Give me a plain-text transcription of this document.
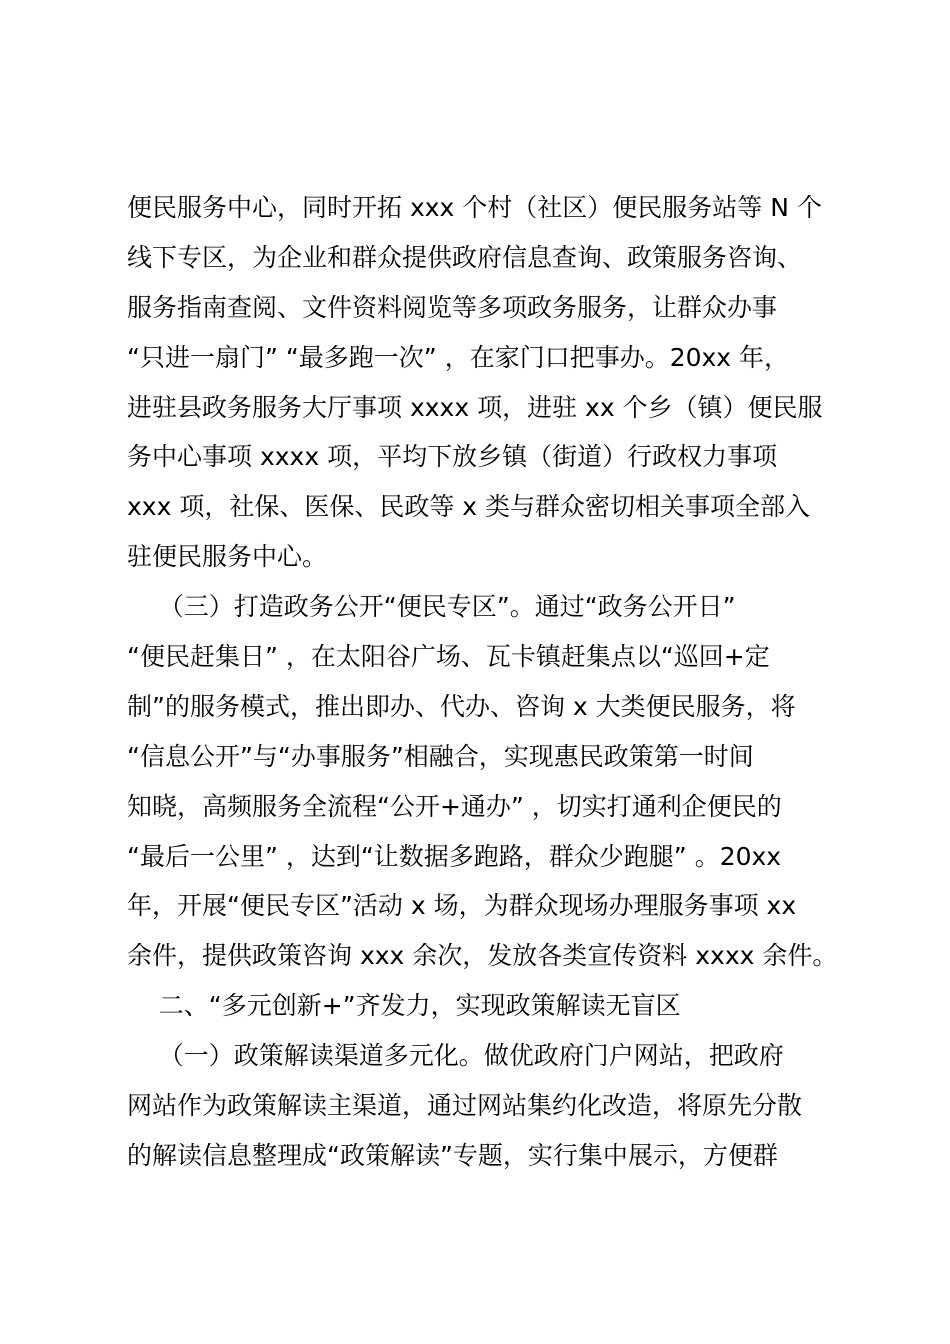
便民服务中心，同时开拓 xxx 个村（社区）便民服务站等 N 个
线下专区，为企业和群众提供政府信息查询、政策服务咨询、
服务指南查阅、文件资料阅览等多项政务服务，让群众办事
“只进一扇门” “最多跑一次” ，在家门口把事办。20xx 年，
进驻县政务服务大厅事项 xxxx 项，进驻 xx 个乡（镇）便民服
务中心事项 xxxx 项，平均下放乡镇（街道）行政权力事项
xxx 项，社保、医保、民政等 x 类与群众密切相关事项全部入
驻便民服务中心。
（三）打造政务公开“便民专区”。通过“政务公开日”
“便民赶集日” ，在太阳谷广场、瓦卡镇赶集点以“巡回+定
制”的服务模式，推出即办、代办、咨询 x 大类便民服务，将
“信息公开”与“办事服务”相融合，实现惠民政策第一时间
知晓，高频服务全流程“公开+通办” ，切实打通利企便民的
“最后一公里” ，达到“让数据多跑路，群众少跑腿” 。20xx
年，开展“便民专区”活动 x 场，为群众现场办理服务事项 xx
余件，提供政策咨询 xxx 余次，发放各类宣传资料 xxxx 余件。
二、“多元创新+”齐发力，实现政策解读无盲区
（一）政策解读渠道多元化。做优政府门户网站，把政府
网站作为政策解读主渠道，通过网站集约化改造，将原先分散
的解读信息整理成“政策解读”专题，实行集中展示，方便群
